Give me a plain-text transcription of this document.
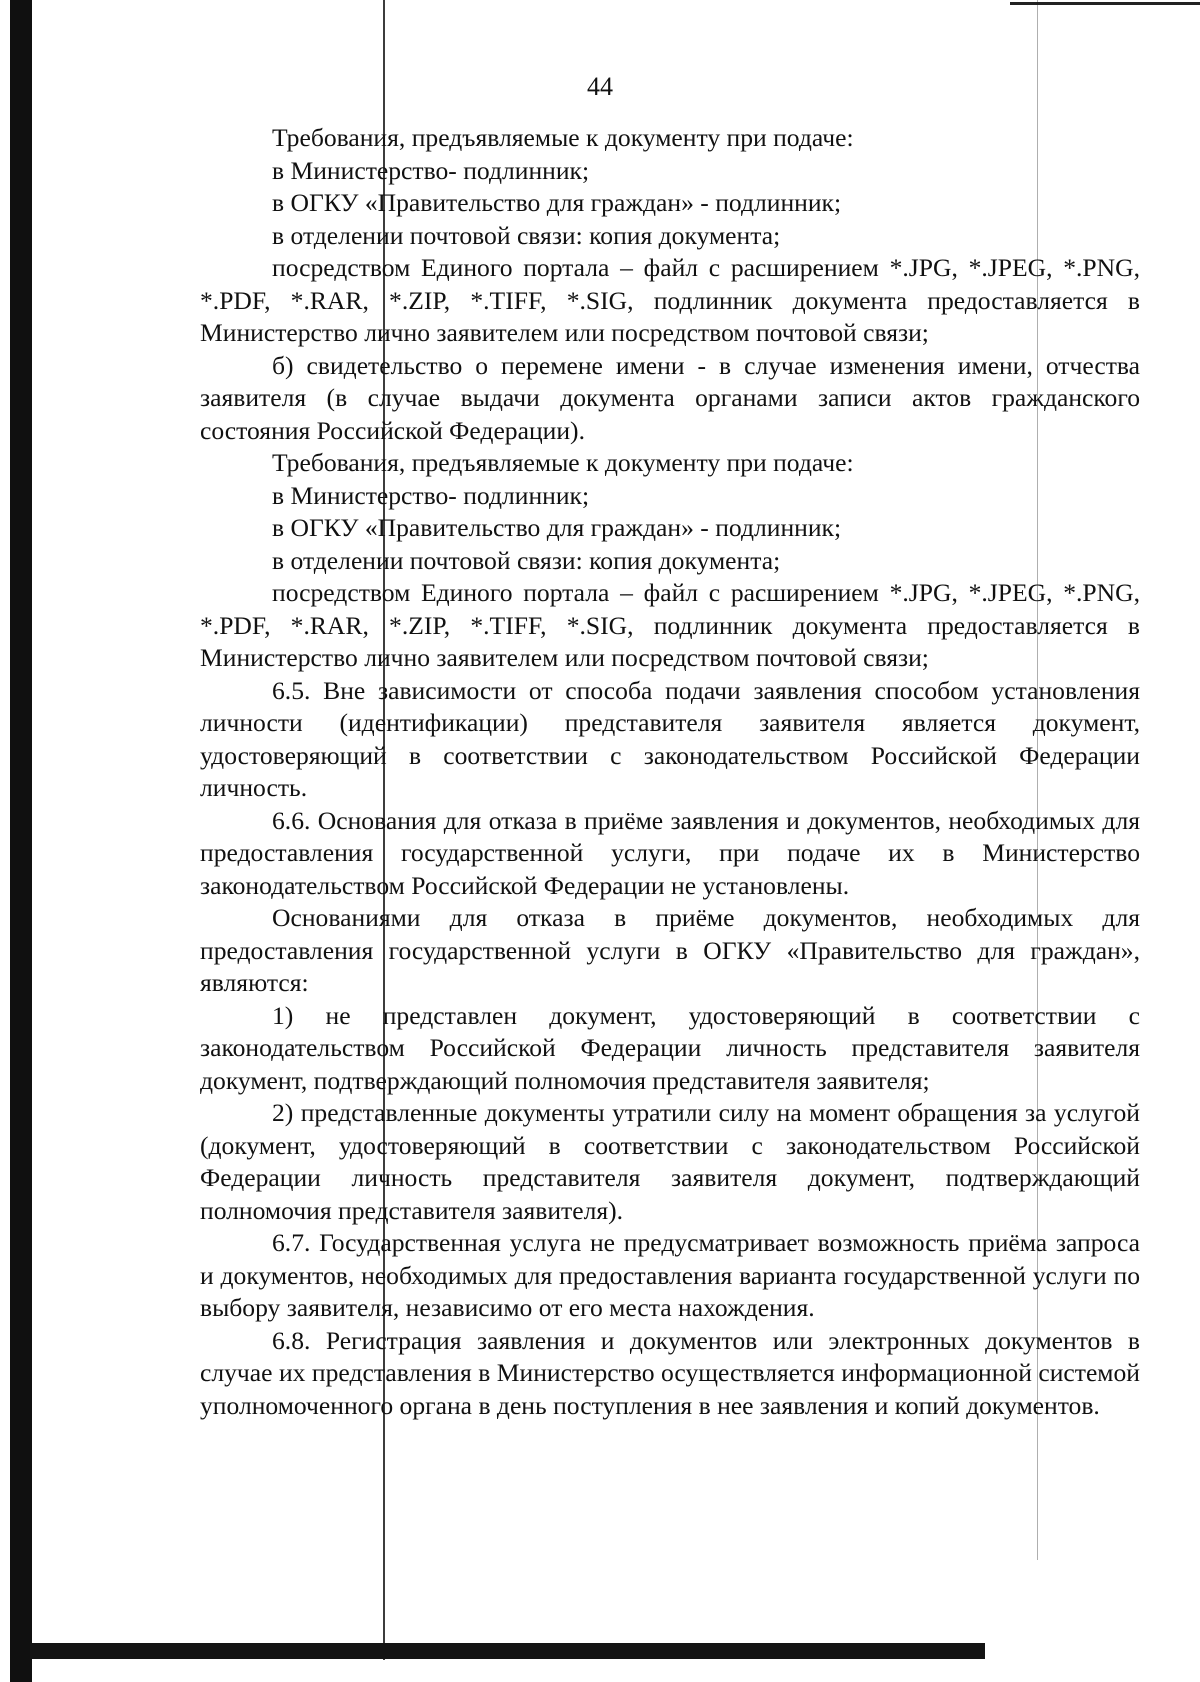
44

Требования, предъявляемые к документу при подаче:

в Министерство- подлинник;

в ОГКУ «Правительство для граждан» - подлинник;

в отделении почтовой связи: копия документа;

посредством Единого портала – файл с расширением *.JPG, *.JPEG, *.PNG, *.PDF, *.RAR, *.ZIP, *.TIFF, *.SIG, подлинник документа предоставляется в Министерство лично заявителем или посредством почтовой связи;

б) свидетельство о перемене имени - в случае изменения имени, отчества заявителя (в случае выдачи документа органами записи актов гражданского состояния Российской Федерации).

Требования, предъявляемые к документу при подаче:

в Министерство- подлинник;

в ОГКУ «Правительство для граждан» - подлинник;

в отделении почтовой связи: копия документа;

посредством Единого портала – файл с расширением *.JPG, *.JPEG, *.PNG, *.PDF, *.RAR, *.ZIP, *.TIFF, *.SIG, подлинник документа предоставляется в Министерство лично заявителем или посредством почтовой связи;

6.5. Вне зависимости от способа подачи заявления способом установления личности (идентификации) представителя заявителя является документ, удостоверяющий в соответствии с законодательством Российской Федерации личность.

6.6. Основания для отказа в приёме заявления и документов, необходимых для предоставления государственной услуги, при подаче их в Министерство законодательством Российской Федерации не установлены.

Основаниями для отказа в приёме документов, необходимых для предоставления государственной услуги в ОГКУ «Правительство для граждан», являются:

1) не представлен документ, удостоверяющий в соответствии с законодательством Российской Федерации личность представителя заявителя документ, подтверждающий полномочия представителя заявителя;

2) представленные документы утратили силу на момент обращения за услугой (документ, удостоверяющий в соответствии с законодательством Российской Федерации личность представителя заявителя документ, подтверждающий полномочия представителя заявителя).

6.7. Государственная услуга не предусматривает возможность приёма запроса и документов, необходимых для предоставления варианта государственной услуги по выбору заявителя, независимо от его места нахождения.

6.8. Регистрация заявления и документов или электронных документов в случае их представления в Министерство осуществляется информационной системой уполномоченного органа в день поступления в нее заявления и копий документов.
